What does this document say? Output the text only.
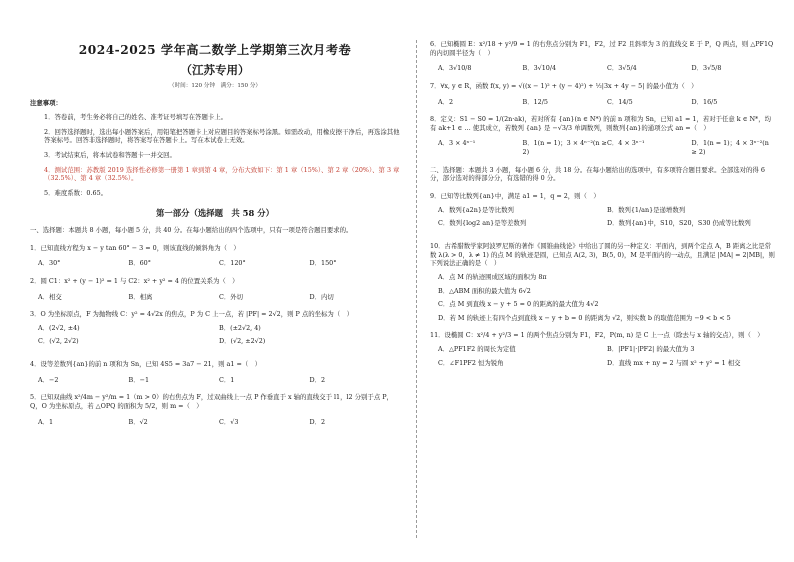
2024-2025 学年高二数学上学期第三次月考卷
（江苏专用）
（时间：120 分钟　满分：150 分）
注意事项：

1．答卷前，考生务必将自己的姓名、准考证号填写在答题卡上。

2．回答选择题时，选出每小题答案后，用铅笔把答题卡上对应题目的答案标号涂黑。如需改动，用橡皮擦干净后，再选涂其他答案标号。回答非选择题时，将答案写在答题卡上。写在本试卷上无效。

3．考试结束后，将本试卷和答题卡一并交回。

4．测试范围：苏教版 2019 选择性必修第一册第 1 章到第 4 章，分布大致如下：第 1 章（15%）、第 2 章（20%）、第 3 章（32.5%）、第 4 章（32.5%）。

5．难度系数：0.65。

第一部分（选择题　共 58 分）
一、选择题：本题共 8 小题，每小题 5 分，共 40 分。在每小题给出的四个选项中，只有一项是符合题目要求的。
1．已知直线方程为 x − y tan 60° − 3 = 0，则该直线的倾斜角为（　）
A．30°	B．60°	C．120°	D．150°
2．圆 C1：x² + (y − 1)² = 1 与 C2：x² + y² = 4 的位置关系为（　）
A．相交	B．相离	C．外切	D．内切
3．O 为坐标原点，F 为抛物线 C：y² = 4√2x 的焦点，P 为 C 上一点，若 |PF| = 2√2，则 P 点的坐标为（　）
A．(2√2, ±4)	B．(±2√2, 4)
C．(√2, 2√2)	D．(√2, ±2√2)
4．设等差数列{an}的前 n 项和为 Sn，已知 4S5 = 3a7 − 21，则 a1 =（　）
A．−2	B．−1	C．1	D．2
5．已知双曲线 x²/4m − y²/m = 1（m > 0）的右焦点为 F，过双曲线上一点 P 作垂直于 x 轴的直线交于 l1，l2 分别于点 P，Q，O 为坐标原点，若 △OPQ 的面积为 5/2，则 m =（　）
A．1	B．√2	C．√3	D．2
6．已知椭圆 E：x²/18 + y²/9 = 1 的右焦点分别为 F1，F2，过 F2 且斜率为 3 的直线交 E 于 P，Q 两点，则 △PF1Q 的内切圆半径为（　）
A．3√10/8	B．3√10/4	C．3√5/4	D．3√5/8
7．∀x, y ∈ R，函数 f(x, y) = √((x − 1)² + (y − 4)²) + ½|3x + 4y − 5| 的最小值为（　）
A．2	B．12/5	C．14/5	D．16/5
8．定义：S1 − S0 = 1/(2n·ak)，若对所有 {an}(n ∈ N*) 的前 n 项和为 Sn，已知 a1 = 1，若对于任意 k ∈ N*，均有 ak+1 ∈ … 使其成立，若数列 {an} 是 −√3/3 单调数列，则数列{an}的通项公式 an =（　）
A．3 × 4ⁿ⁻¹	B．1(n = 1)；3 × 4ⁿ⁻²(n ≥ 2)
C．4 × 3ⁿ⁻¹	D．1(n = 1)；4 × 3ⁿ⁻²(n ≥ 2)
二、选择题：本题共 3 小题，每小题 6 分，共 18 分。在每小题给出的选项中，有多项符合题目要求。全部选对的得 6 分，部分选对的得部分分，有选错的得 0 分。
9．已知等比数列{an}中，满足 a1 = 1，q = 2，则（　）
A．数列{a2n}是等比数列	B．数列{1/an}是递增数列
C．数列{log2 an}是等差数列	D．数列{an}中，S10，S20，S30 仍成等比数列
10．古希腊数学家阿波罗尼斯的著作《圆锥曲线论》中给出了圆的另一种定义：平面内，到两个定点 A，B 距离之比是常数 λ(λ > 0，λ ≠ 1) 的点 M 的轨迹是圆，已知点 A(2, 3)，B(5, 0)，M 是平面内的一动点，且满足 |MA| = 2|MB|，则下列说法正确的是（　）
A．点 M 的轨迹围成区域的面积为 8π
B．△ABM 面积的最大值为 6√2
C．点 M 到直线 x − y + 5 = 0 的距离的最大值为 4√2
D．若 M 的轨迹上有四个点到直线 x − y + b = 0 的距离为 √2，则实数 b 的取值范围为 −9 < b < 5
11．设椭圆 C：x²/4 + y²/3 = 1 的两个焦点分别为 F1，F2，P(m, n) 是 C 上一点（除去与 x 轴的交点），则（　）
A．△PF1F2 的周长为定值	B．|PF1|·|PF2| 的最大值为 3
C．∠F1PF2 恒为锐角	D．直线 mx + ny = 2 与圆 x² + y² = 1 相交
